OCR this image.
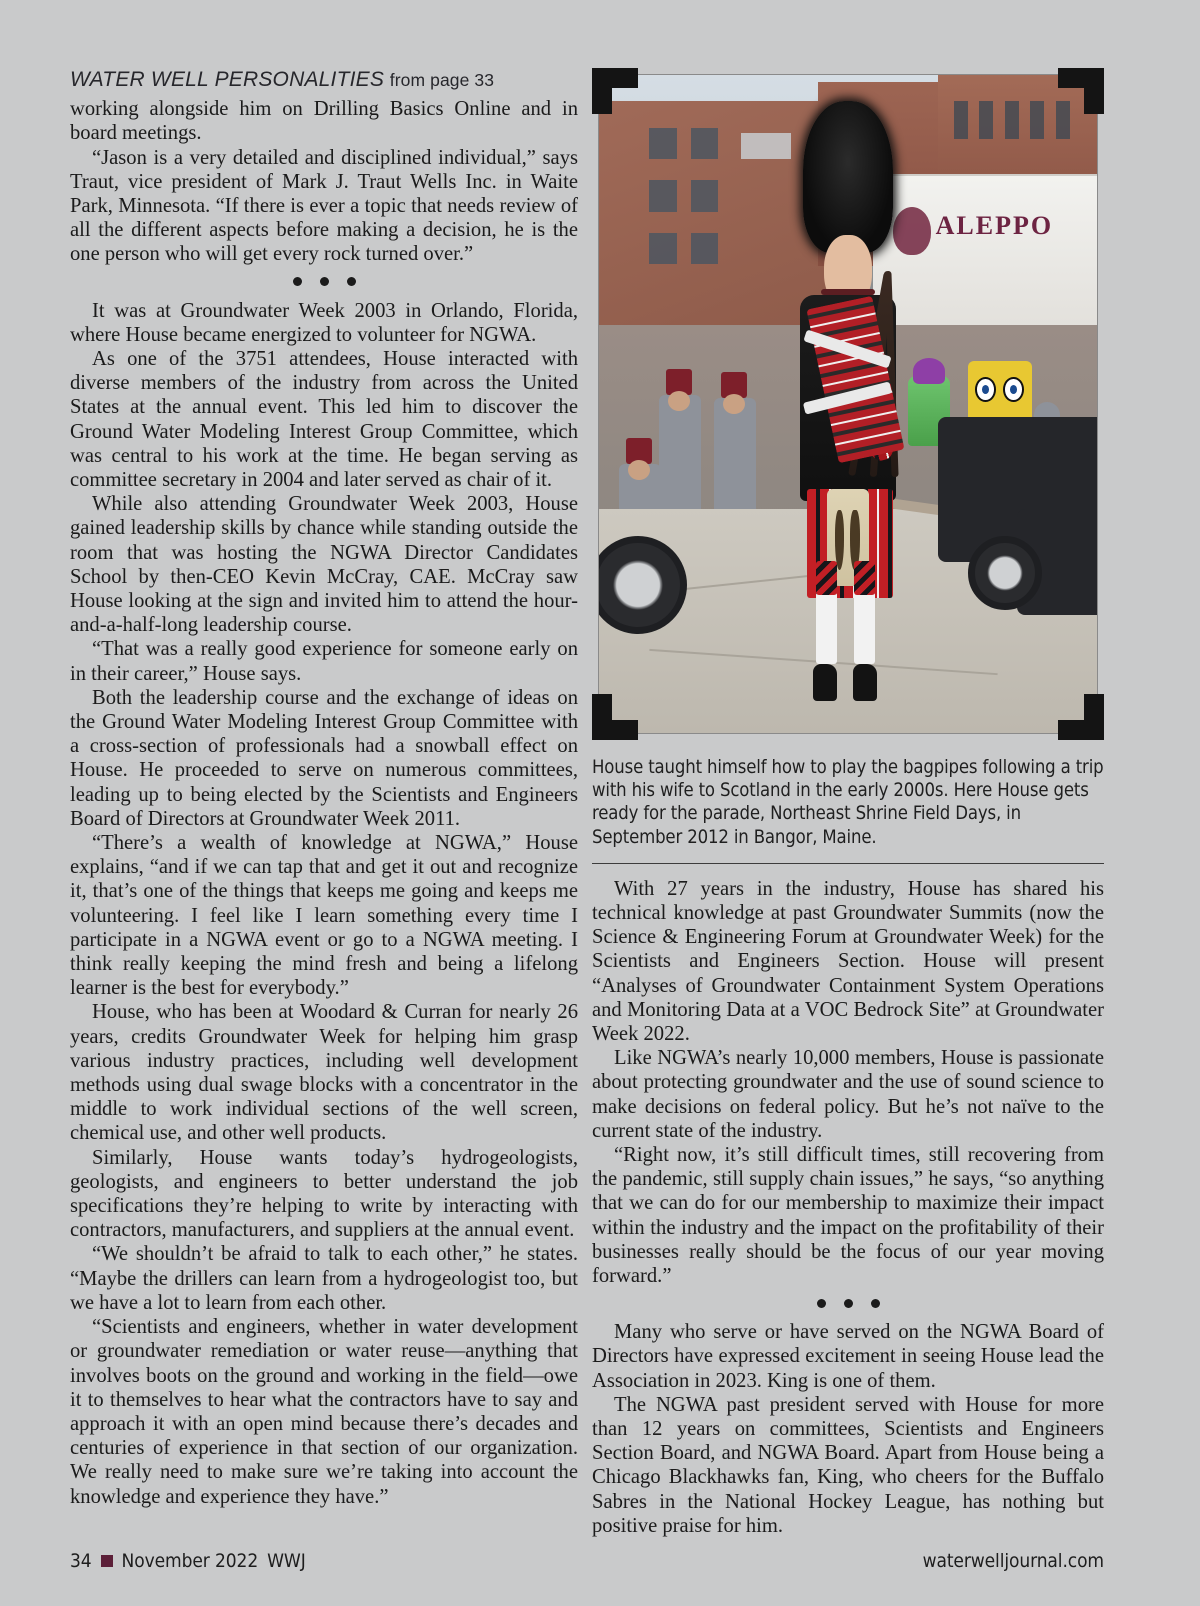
WATER WELL PERSONALITIES from page 33

working alongside him on Drilling Basics Online and in board meetings.

“Jason is a very detailed and disciplined individual,” says Traut, vice president of Mark J. Traut Wells Inc. in Waite Park, Minnesota. “If there is ever a topic that needs review of all the different aspects before making a decision, he is the one person who will get every rock turned over.”

It was at Groundwater Week 2003 in Orlando, Florida, where House became energized to volunteer for NGWA.

As one of the 3751 attendees, House interacted with diverse members of the industry from across the United States at the annual event. This led him to discover the Ground Water Modeling Interest Group Committee, which was central to his work at the time. He began serving as committee secretary in 2004 and later served as chair of it.

While also attending Groundwater Week 2003, House gained leadership skills by chance while standing outside the room that was hosting the NGWA Director Candidates School by then-CEO Kevin McCray, CAE. McCray saw House looking at the sign and invited him to attend the hour-and-a-half-long leadership course.

“That was a really good experience for someone early on in their career,” House says.

Both the leadership course and the exchange of ideas on the Ground Water Modeling Interest Group Committee with a cross-section of professionals had a snowball effect on House. He proceeded to serve on numerous committees, leading up to being elected by the Scientists and Engineers Board of Directors at Groundwater Week 2011.

“There’s a wealth of knowledge at NGWA,” House explains, “and if we can tap that and get it out and recognize it, that’s one of the things that keeps me going and keeps me volunteering. I feel like I learn something every time I participate in a NGWA event or go to a NGWA meeting. I think really keeping the mind fresh and being a lifelong learner is the best for everybody.”

House, who has been at Woodard & Curran for nearly 26 years, credits Groundwater Week for helping him grasp various industry practices, including well development methods using dual swage blocks with a concentrator in the middle to work individual sections of the well screen, chemical use, and other well products.

Similarly, House wants today’s hydrogeologists, geologists, and engineers to better understand the job specifications they’re helping to write by interacting with contractors, manufacturers, and suppliers at the annual event.

“We shouldn’t be afraid to talk to each other,” he states. “Maybe the drillers can learn from a hydrogeologist too, but we have a lot to learn from each other.

“Scientists and engineers, whether in water development or groundwater remediation or water reuse—anything that involves boots on the ground and working in the field—owe it to themselves to hear what the contractors have to say and approach it with an open mind because there’s decades and centuries of experience in that section of our organization. We really need to make sure we’re taking into account the knowledge and experience they have.”

ALEPPO
House taught himself how to play the bagpipes following a trip with his wife to Scotland in the early 2000s. Here House gets ready for the parade, Northeast Shrine Field Days, in September 2012 in Bangor, Maine.

With 27 years in the industry, House has shared his technical knowledge at past Groundwater Summits (now the Science & Engineering Forum at Groundwater Week) for the Scientists and Engineers Section. House will present “Analyses of Groundwater Containment System Operations and Monitoring Data at a VOC Bedrock Site” at Groundwater Week 2022.

Like NGWA’s nearly 10,000 members, House is passionate about protecting groundwater and the use of sound science to make decisions on federal policy. But he’s not naïve to the current state of the industry.

“Right now, it’s still difficult times, still recovering from the pandemic, still supply chain issues,” he says, “so anything that we can do for our membership to maximize their impact within the industry and the impact on the profitability of their businesses really should be the focus of our year moving forward.”

Many who serve or have served on the NGWA Board of Directors have expressed excitement in seeing House lead the Association in 2023. King is one of them.

The NGWA past president served with House for more than 12 years on committees, Scientists and Engineers Section Board, and NGWA Board. Apart from House being a Chicago Blackhawks fan, King, who cheers for the Buffalo Sabres in the National Hockey League, has nothing but positive praise for him.

34 November 2022 WWJ	waterwelljournal.com
